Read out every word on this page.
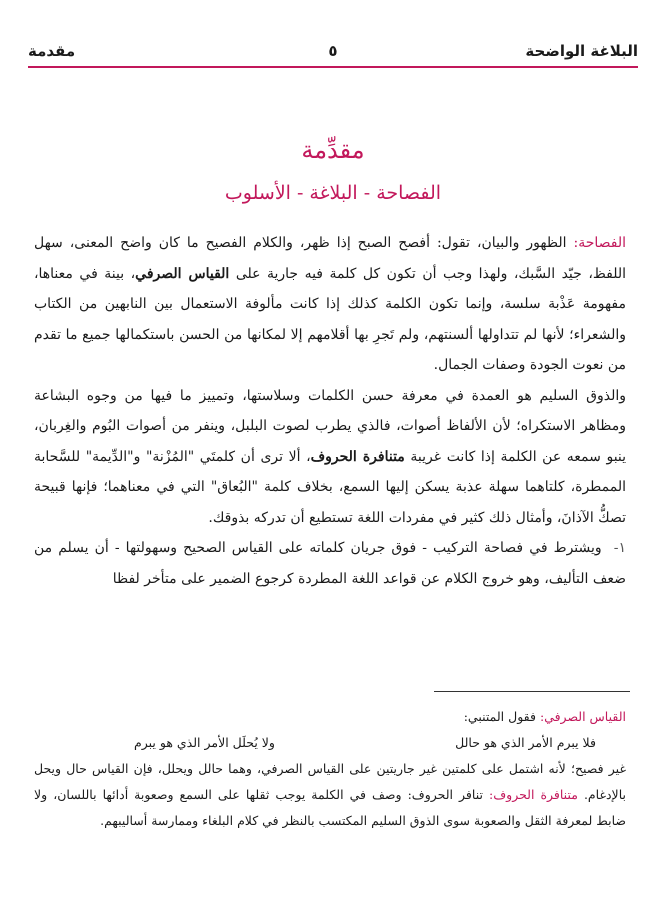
البلاغة الواضحة
٥
مقدمة
مقدِّمة
الفصاحة - البلاغة - الأسلوب

الفصاحة: الظهور والبيان، تقول: أفصح الصبح إذا ظهر، والكلام الفصيح ما كان واضح المعنى، سهل اللفظ، جيّد السَّبك، ولهذا وجب أن تكون كل كلمة فيه جارية على القياس الصرفي، بينة في معناها، مفهومة عَذْبة سلسة، وإنما تكون الكلمة كذلك إذا كانت مألوفة الاستعمال بين النابهين من الكتاب والشعراء؛ لأنها لم تتداولها ألسنتهم، ولم تَجرِ بها أقلامهم إلا لمكانها من الحسن باستكمالها جميع ما تقدم من نعوت الجودة وصفات الجمال.

والذوق السليم هو العمدة في معرفة حسن الكلمات وسلاستها، وتمييز ما فيها من وجوه البشاعة ومظاهر الاستكراه؛ لأن الألفاظ أصوات، فالذي يطرب لصوت البلبل، وينفر من أصوات البُوم والغِربان، ينبو سمعه عن الكلمة إذا كانت غريبة متنافرة الحروف، ألا ترى أن كلمتَي "المُزْنة" و"الدِّيمة" للسَّحابة الممطرة، كلتاهما سهلة عذبة يسكن إليها السمع، بخلاف كلمة "البُعاق" التي في معناهما؛ فإنها قبيحة تصكُّ الآذانَ، وأمثال ذلك كثير في مفردات اللغة تستطيع أن تدركه بذوقك.

١- ويشترط في فصاحة التركيب - فوق جريان كلماته على القياس الصحيح وسهولتها - أن يسلم من ضعف التأليف، وهو خروج الكلام عن قواعد اللغة المطردة كرجوع الضمير على متأخر لفظا

القياس الصرفي: فقول المتنبي:

فلا يبرم الأمر الذي هو حالل
ولا يُحلَل الأمر الذي هو يبرم

غير فصيح؛ لأنه اشتمل على كلمتين غير جاريتين على القياس الصرفي، وهما حالل ويحلل، فإن القياس حال ويحل بالإدغام. متنافرة الحروف: تنافر الحروف: وصف في الكلمة يوجب ثقلها على السمع وصعوبة أدائها باللسان، ولا ضابط لمعرفة الثقل والصعوبة سوى الذوق السليم المكتسب بالنظر في كلام البلغاء وممارسة أساليبهم.
